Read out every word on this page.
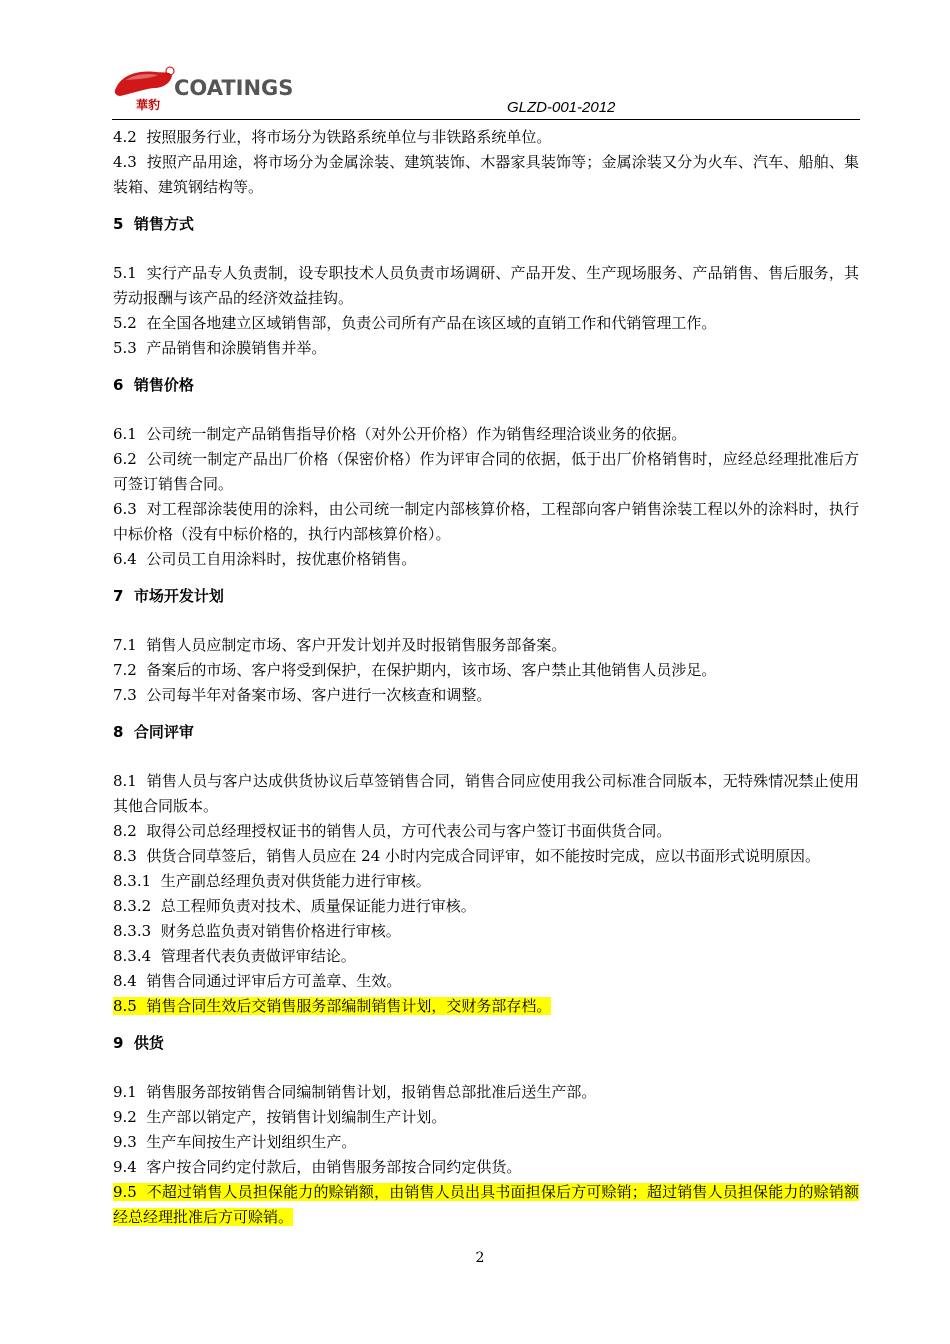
COATINGS
華豹	GLZD-001-2012
4.2  按照服务行业，将市场分为铁路系统单位与非铁路系统单位。
4.3  按照产品用途，将市场分为金属涂装、建筑装饰、木器家具装饰等；金属涂装又分为火车、汽车、船舶、集装箱、建筑钢结构等。
5  销售方式
5.1  实行产品专人负责制，设专职技术人员负责市场调研、产品开发、生产现场服务、产品销售、售后服务，其劳动报酬与该产品的经济效益挂钩。
5.2  在全国各地建立区域销售部，负责公司所有产品在该区域的直销工作和代销管理工作。
5.3  产品销售和涂膜销售并举。
6  销售价格
6.1  公司统一制定产品销售指导价格（对外公开价格）作为销售经理洽谈业务的依据。
6.2  公司统一制定产品出厂价格（保密价格）作为评审合同的依据，低于出厂价格销售时，应经总经理批准后方可签订销售合同。
6.3  对工程部涂装使用的涂料，由公司统一制定内部核算价格，工程部向客户销售涂装工程以外的涂料时，执行中标价格（没有中标价格的，执行内部核算价格）。
6.4  公司员工自用涂料时，按优惠价格销售。
7  市场开发计划
7.1  销售人员应制定市场、客户开发计划并及时报销售服务部备案。
7.2  备案后的市场、客户将受到保护，在保护期内，该市场、客户禁止其他销售人员涉足。
7.3  公司每半年对备案市场、客户进行一次核查和调整。
8  合同评审
8.1  销售人员与客户达成供货协议后草签销售合同，销售合同应使用我公司标准合同版本，无特殊情况禁止使用其他合同版本。
8.2  取得公司总经理授权证书的销售人员，方可代表公司与客户签订书面供货合同。
8.3  供货合同草签后，销售人员应在 24 小时内完成合同评审，如不能按时完成，应以书面形式说明原因。
8.3.1  生产副总经理负责对供货能力进行审核。
8.3.2  总工程师负责对技术、质量保证能力进行审核。
8.3.3  财务总监负责对销售价格进行审核。
8.3.4  管理者代表负责做评审结论。
8.4  销售合同通过评审后方可盖章、生效。
8.5  销售合同生效后交销售服务部编制销售计划，交财务部存档。
9  供货
9.1  销售服务部按销售合同编制销售计划，报销售总部批准后送生产部。
9.2  生产部以销定产，按销售计划编制生产计划。
9.3  生产车间按生产计划组织生产。
9.4  客户按合同约定付款后，由销售服务部按合同约定供货。
9.5  不超过销售人员担保能力的赊销额，由销售人员出具书面担保后方可赊销；超过销售人员担保能力的赊销额经总经理批准后方可赊销。
2
